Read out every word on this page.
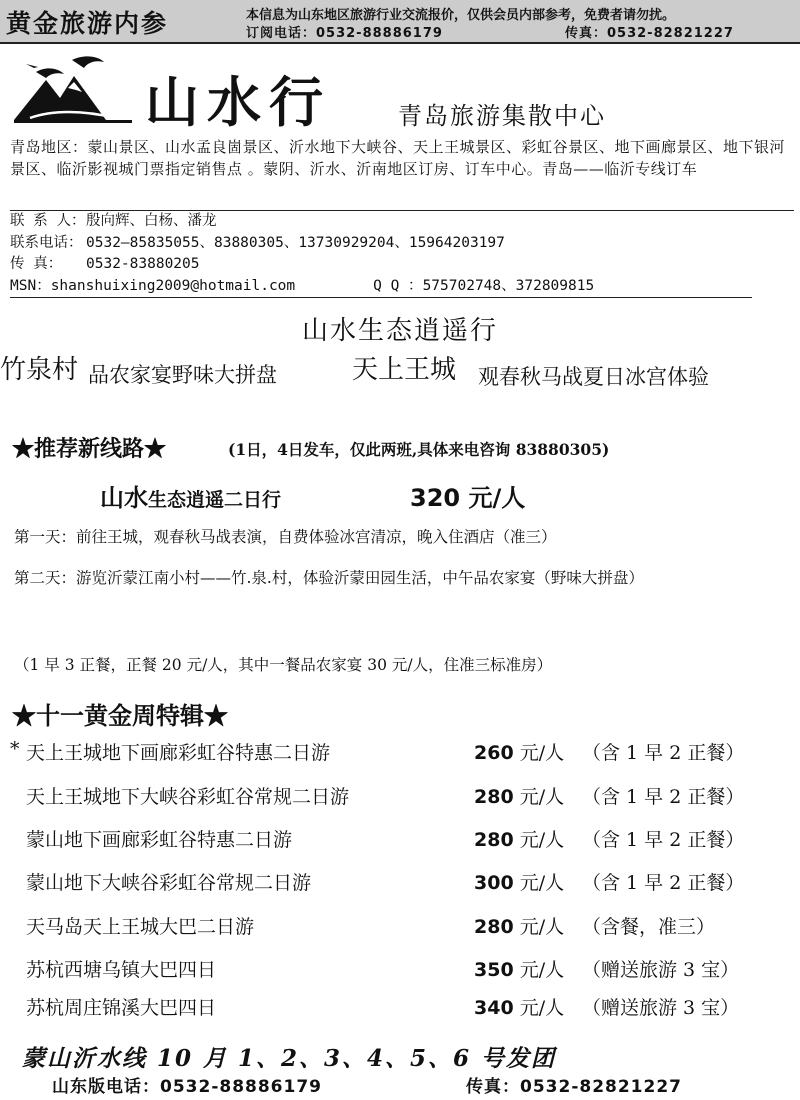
黄金旅游内参	本信息为山东地区旅游行业交流报价，仅供会员内部参考，免费者请勿扰。
订阅电话：0532-88886179	传真：0532-82821227
山水行	青岛旅游集散中心
青岛地区：蒙山景区、山水孟良崮景区、沂水地下大峡谷、天上王城景区、彩虹谷景区、地下画廊景区、地下银河景区、临沂影视城门票指定销售点 。蒙阴、沂水、沂南地区订房、订车中心。青岛——临沂专线订车
联 系 人：殷向辉、白杨、潘龙
联系电话： 0532—85835055、83880305、13730929204、15964203197
传 真： 0532-83880205
MSN：shanshuixing2009@hotmail.com	Q Q ：575702748、372809815
山水生态逍遥行
竹泉村 品农家宴野味大拼盘	天上王城 观春秋马战夏日冰宫体验
★推荐新线路★	(1日，4日发车，仅此两班,具体来电咨询 83880305)
山水生态逍遥二日行	320 元/人
第一天：前往王城，观春秋马战表演，自费体验冰宫清凉，晚入住酒店（准三）
第二天：游览沂蒙江南小村——竹.泉.村，体验沂蒙田园生活，中午品农家宴（野味大拼盘）
（1 早 3 正餐，正餐 20 元/人，其中一餐品农家宴 30 元/人，住准三标准房）
★十一黄金周特辑★
* 天上王城地下画廊彩虹谷特惠二日游	260 元/人 （含 1 早 2 正餐）
天上王城地下大峡谷彩虹谷常规二日游	280 元/人 （含 1 早 2 正餐）
蒙山地下画廊彩虹谷特惠二日游	280 元/人 （含 1 早 2 正餐）
蒙山地下大峡谷彩虹谷常规二日游	300 元/人 （含 1 早 2 正餐）
天马岛天上王城大巴二日游	280 元/人 （含餐，准三）
苏杭西塘乌镇大巴四日	350 元/人 （赠送旅游 3 宝）
苏杭周庄锦溪大巴四日	340 元/人 （赠送旅游 3 宝）
蒙山沂水线 10 月 1、2、3、4、5、6 号发团
山东版电话：0532-88886179	传真：0532-82821227
